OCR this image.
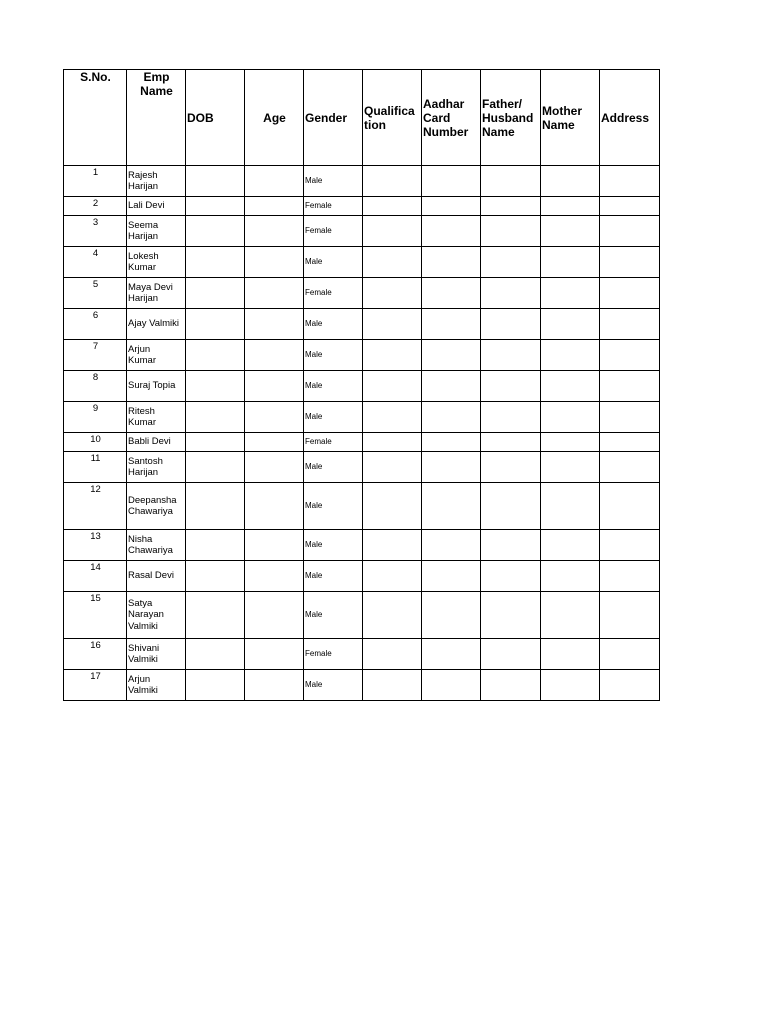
S.No.	Emp
Name	DOB	Age	Gender	Qualifica
tion	Aadhar
Card
Number	Father/
Husband
Name	Mother
Name	Address
1	Rajesh
Harijan			Male					
2	Lali Devi			Female					
3	Seema
Harijan			Female					
4	Lokesh
Kumar			Male					
5	Maya Devi
Harijan			Female					
6	Ajay Valmiki			Male					
7	Arjun
Kumar			Male					
8	Suraj Topia			Male					
9	Ritesh
Kumar			Male					
10	Babli Devi			Female					
11	Santosh
Harijan			Male					
12	Deepansha
Chawariya			Male					
13	Nisha
Chawariya			Male					
14	Rasal Devi			Male					
15	Satya
Narayan
Valmiki			Male					
16	Shivani
Valmiki			Female					
17	Arjun
Valmiki			Male					
